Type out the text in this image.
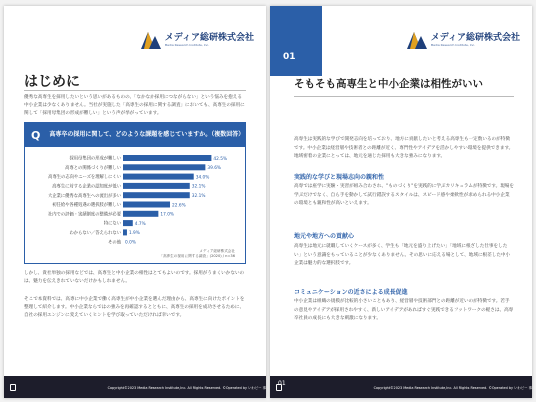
メディア総研株式会社
Media Research Institute, Inc.
はじめに
優秀な高専生を採用したいという思いがあるものの、「なかなか採用につながらない」という悩みを抱える中小企業は少なくありません。当社が実施した「高専生の採用に関する調査」においても、高専生の採用に関して「採用母集団の形成が難しい」という声が挙がっています。
Q 高専卒の採用に関して、どのような課題を感じていますか。（複数回答）
採用母集団の形成が難しい	42.5%
高専との関係づくりが難しい	39.6%
高専生の志向やニーズを理解しにくい	34.0%
高専生に対する企業の認知度が低い	32.1%
大企業に優秀な高専生への流出が多い	32.1%
初任給や各種処遇の選択肢が難しい	22.6%
社内での評価・実績制度の整備が必要	17.0%
特にない	4.7%
わからない／答えられない 1.9%
その他 0.0%
メディア総研株式会社
「高専生の採用に関する調査」(2020) / n=36
しかし、貴社単独の採用などでは、高専生と中小企業の相性はとてもよいのです。採用がうまくいかないのは、魅力を伝えきれていないだけかもしれません。
そこで本資料では、高専に中小企業で働く高専生が中小企業を選んだ理由から、高専生に向けたポイントを整理して紹介します。中小企業ならではの強みを再確認するとともに、高専生の採用を成功させるために、自社の採用エンジンに変えていくヒントを学び取っていただければ幸いです。
Copyright©2023 Media Research Institute,Inc. All Rights Reserved. ©Operated by いわビー 事
01
メディア総研株式会社
Media Research Institute, Inc.
そもそも高専生と中小企業は相性がいい
高専生は実践的な学びで開発志向を培っており、地方に貢献したいと考える高専生も一定数いるのが特徴です。中小企業は経営層や技術者との距離が近く、専門性やアイデアを活かしやすい環境を提供できます。地域密着の企業にとっては、地元を通じた採用も大きな強みになります。
実践的な学びと現場志向の親和性
高専では座学に実験・実習が組み合わされ、"ものづくり"を実践的に学ぶカリキュラムが特徴です。現場を学ぶだけでなく、自ら手を動かして試行錯誤するスタイルは、スピード感や柔軟性が求められる中小企業の環境とも親和性が高いといえます。
地元や地方への貢献心
高専生は地元に就職していくケースが多く、学生も「地元を盛り上げたい」「地域に根ざした仕事をしたい」という意識をもっていることが少なくありません。その思いに応える場として、地域に根差した中小企業は魅力的な選択肢です。
コミュニケーションの近さによる成長促進
中小企業は組織の規模が比較的小さいこともあり、経営層や技術部門との距離が近いのが特徴です。若手の意見やアイデアが採用されやすく、新しいアイデアがあればすぐ実践できるフットワークの軽さは、高専卒社員の成長にも大きな刺激になります。
Copyright©2023 Media Research Institute,Inc. All Rights Reserved. ©Operated by いわビー 事
01
